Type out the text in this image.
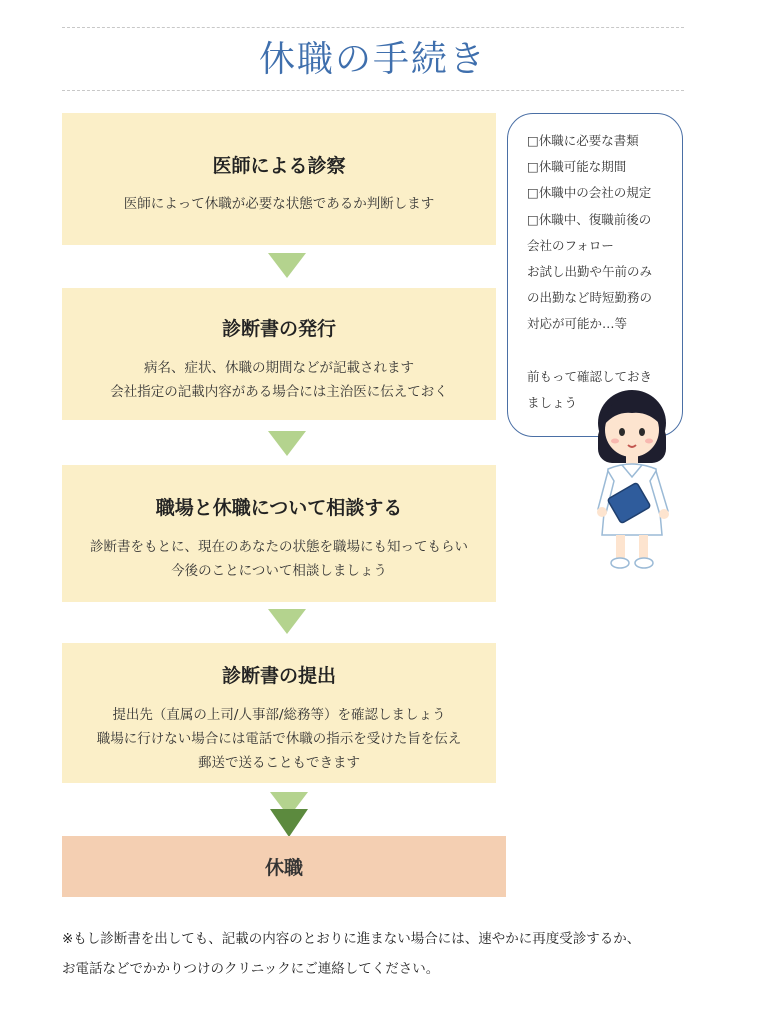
休職の手続き
医師による診察

医師によって休職が必要な状態であるか判断します

診断書の発行

病名、症状、休職の期間などが記載されます

会社指定の記載内容がある場合には主治医に伝えておく

職場と休職について相談する

診断書をもとに、現在のあなたの状態を職場にも知ってもらい

今後のことについて相談しましょう

診断書の提出

提出先（直属の上司/人事部/総務等）を確認しましょう

職場に行けない場合には電話で休職の指示を受けた旨を伝え

郵送で送ることもできます

休職
□休職に必要な書類
□休職可能な期間
□休職中の会社の規定
□休職中、復職前後の
会社のフォロー
お試し出勤や午前のみ
の出勤など時短勤務の
対応が可能か…等
前もって確認しておき
ましょう
※もし診断書を出しても、記載の内容のとおりに進まない場合には、速やかに再度受診するか、
お電話などでかかりつけのクリニックにご連絡してください。
